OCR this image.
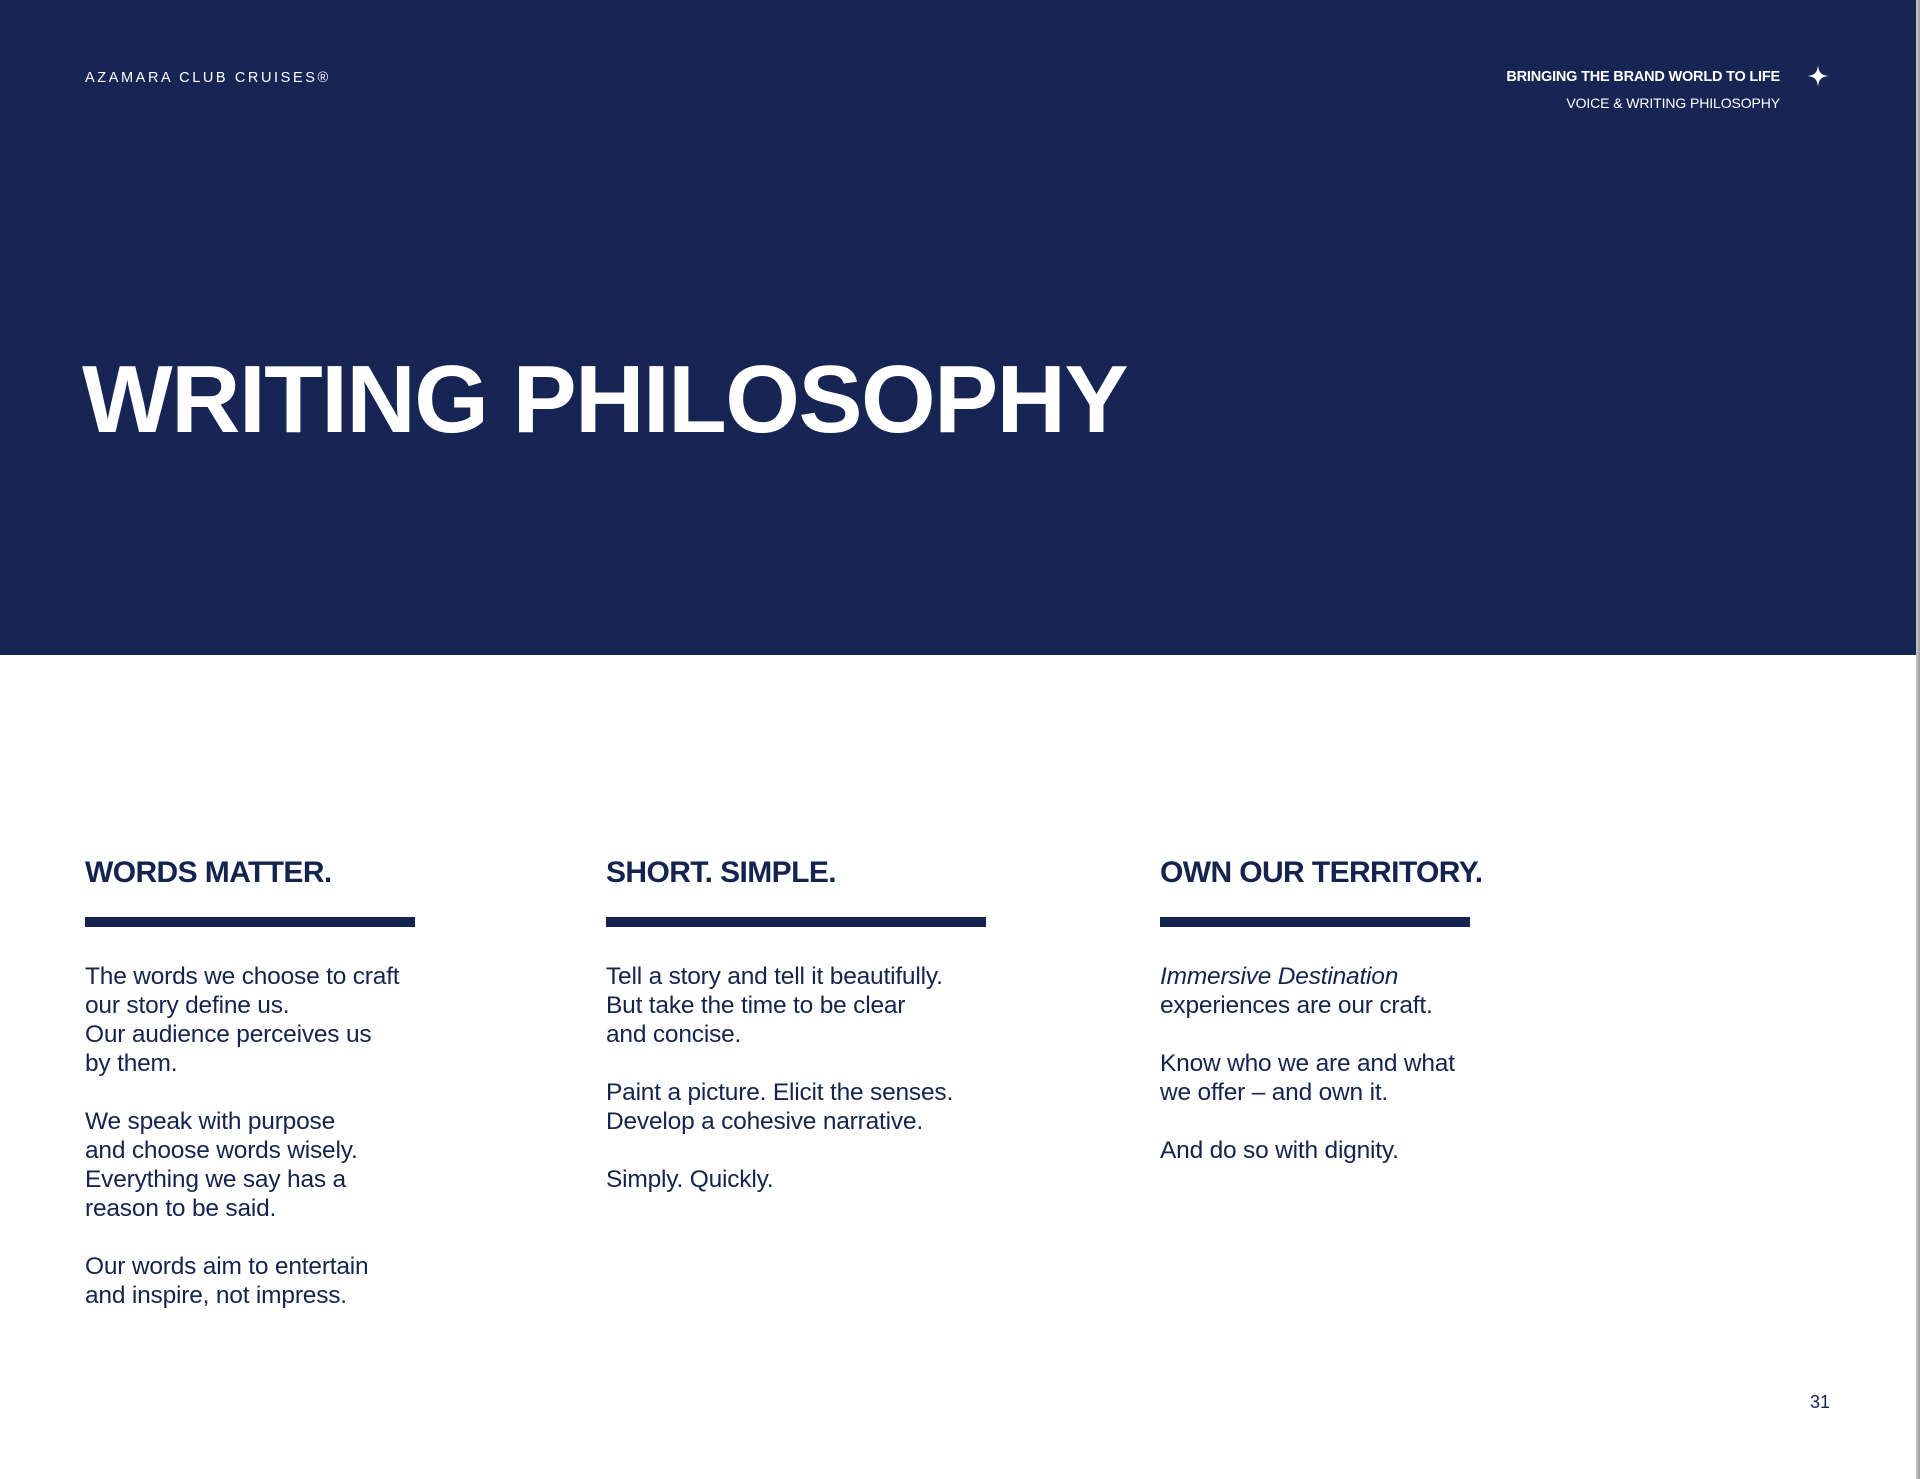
AZAMARA CLUB CRUISES®	BRINGING THE BRAND WORLD TO LIFE
VOICE & WRITING PHILOSOPHY
WRITING PHILOSOPHY
WORDS MATTER.

The words we choose to craft
our story define us.
Our audience perceives us
by them.

We speak with purpose
and choose words wisely.
Everything we say has a
reason to be said.

Our words aim to entertain
and inspire, not impress.

SHORT. SIMPLE.

Tell a story and tell it beautifully.
But take the time to be clear
and concise.

Paint a picture. Elicit the senses.
Develop a cohesive narrative.

Simply. Quickly.

OWN OUR TERRITORY.

Immersive Destination
experiences are our craft.

Know who we are and what
we offer – and own it.

And do so with dignity.

31
